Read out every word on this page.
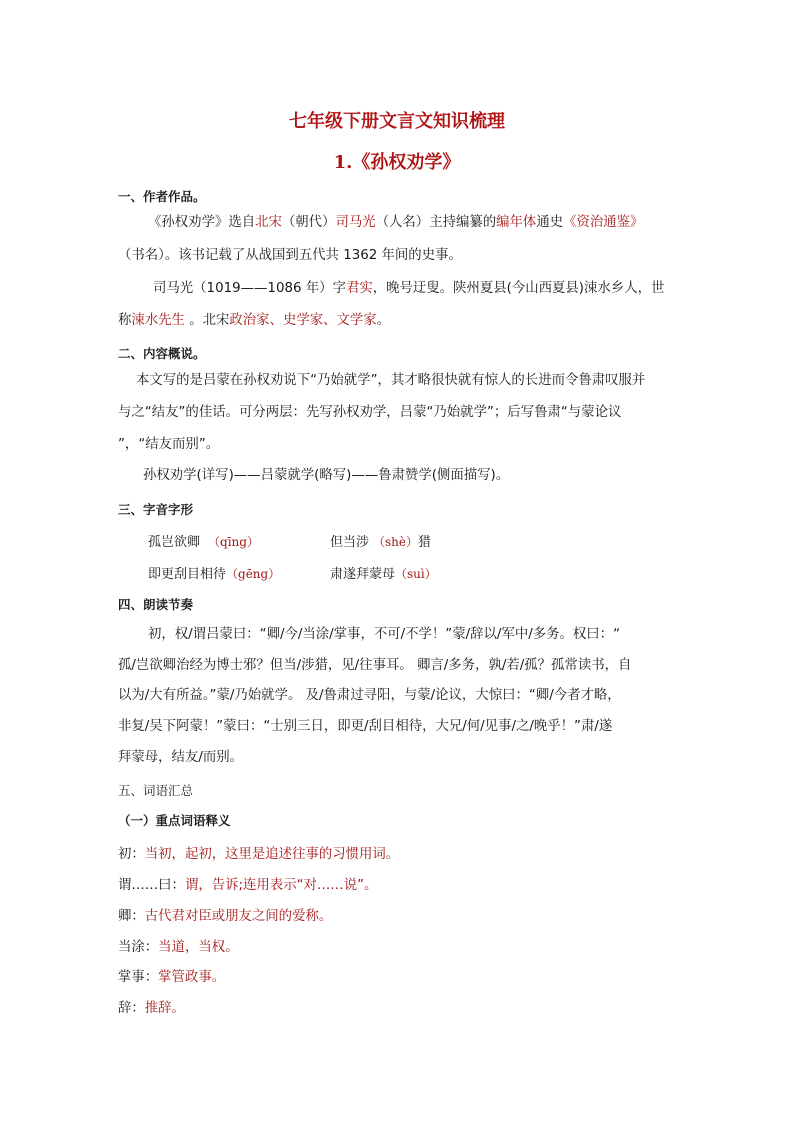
七年级下册文言文知识梳理
1.《孙权劝学》
一、作者作品。
《孙权劝学》选自北宋（朝代）司马光（人名）主持编纂的编年体通史《资治通鉴》
（书名）。该书记载了从战国到五代共 1362 年间的史事。
司马光（1019——1086 年）字君实，晚号迂叟。陕州夏县(今山西夏县)涑水乡人，世
称涑水先生 。北宋政治家、史学家、文学家。
二、内容概说。
本文写的是吕蒙在孙权劝说下“乃始就学”，其才略很快就有惊人的长进而令鲁肃叹服并
与之“结友”的佳话。可分两层：先写孙权劝学，吕蒙“乃始就学”；后写鲁肃“与蒙论议
”，“结友而别”。
孙权劝学(详写)——吕蒙就学(略写)——鲁肃赞学(侧面描写)。
三、字音字形
孤岂欲卿 （qīng）	但当涉 （shè）猎
即更刮目相待（gēng）	肃遂拜蒙母（suì）
四、朗读节奏
初，权/谓吕蒙曰：“卿/今/当涂/掌事，不可/不学！”蒙/辞以/军中/多务。权曰：“
孤/岂欲卿治经为博士邪？但当/涉猎，见/往事耳。 卿言/多务，孰/若/孤？孤常读书，自
以为/大有所益。”蒙/乃始就学。 及/鲁肃过寻阳，与蒙/论议，大惊曰：“卿/今者才略，
非复/吴下阿蒙！”蒙曰：“士别三日，即更/刮目相待，大兄/何/见事/之/晚乎！”肃/遂
拜蒙母，结友/而别。
五、词语汇总
（一）重点词语释义
初：当初，起初，这里是追述往事的习惯用词。
谓……曰：谓，告诉;连用表示“对……说”。
卿：古代君对臣或朋友之间的爱称。
当涂：当道，当权。
掌事：掌管政事。
辞：推辞。
